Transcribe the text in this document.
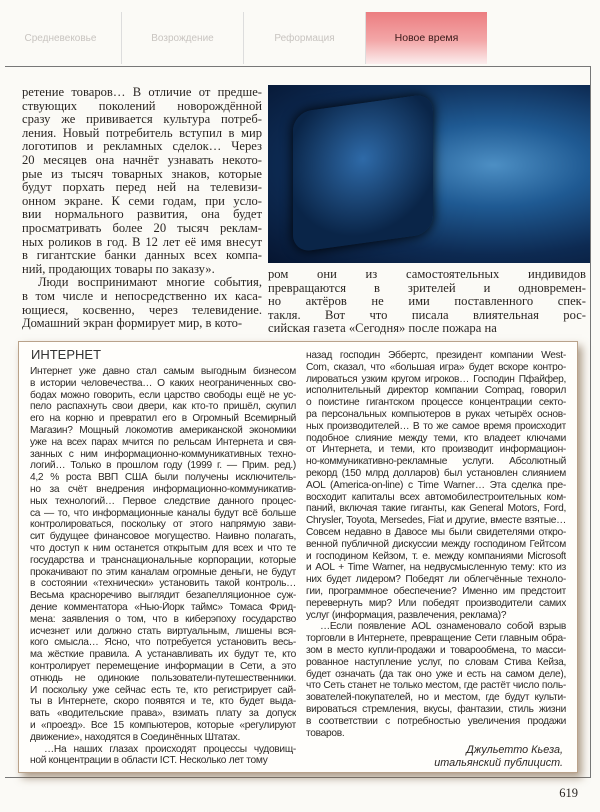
Средневековье	Возрождение	Реформация	Новое время
ретение товаров… В отличие от предше-
ствующих поколений новорождённой
сразу же прививается культура потреб-
ления. Новый потребитель вступил в мир
логотипов и рекламных сделок… Через
20 месяцев она начнёт узнавать некото-
рые из тысяч товарных знаков, которые
будут порхать перед ней на телевизи-
онном экране. К семи годам, при усло-
вии нормального развития, она будет
просматривать более 20 тысяч реклам-
ных роликов в год. В 12 лет её имя внесут
в гигантские банки данных всех компа-
ний, продающих товары по заказу».
Люди воспринимают многие события,
в том числе и непосредственно их каса-
ющиеся, косвенно, через телевидение.
Домашний экран формирует мир, в кото-
ром они из самостоятельных индивидов
превращаются в зрителей и одновремен-
но актёров не ими поставленного спек-
такля. Вот что писала влиятельная рос-
сийская газета «Сегодня» после пожара на
ИНТЕРНЕТ
Интернет уже давно стал самым выгодным бизнесом
в истории человечества… О каких неограниченных сво-
бодах можно говорить, если царство свободы ещё не ус-
пело распахнуть свои двери, как кто-то пришёл, скупил
его на корню и превратил его в Огромный Всемирный
Магазин? Мощный локомотив американской экономики
уже на всех парах мчится по рельсам Интернета и свя-
занных с ним информационно-коммуникативных техно-
логий… Только в прошлом году (1999 г. — Прим. ред.)
4,2 % роста ВВП США были получены исключитель-
но за счёт внедрения информационно-коммуникатив-
ных технологий… Первое следствие данного процес-
са — то, что информационные каналы будут всё больше
контролироваться, поскольку от этого напрямую зави-
сит будущее финансовое могущество. Наивно полагать,
что доступ к ним останется открытым для всех и что те
государства и транснациональные корпорации, которые
прокачивают по этим каналам огромные деньги, не будут
в состоянии «технически» установить такой контроль…
Весьма красноречиво выглядит безапелляционное суж-
дение комментатора «Нью-Йорк таймс» Томаса Фрид-
мена: заявления о том, что в киберэпоху государство
исчезнет или должно стать виртуальным, лишены вся-
кого смысла… Ясно, что потребуется установить весь-
ма жёсткие правила. А устанавливать их будут те, кто
контролирует перемещение информации в Сети, а это
отнюдь не одинокие пользователи-путешественники.
И поскольку уже сейчас есть те, кто регистрирует сай-
ты в Интернете, скоро появятся и те, кто будет выда-
вать «водительские права», взимать плату за допуск
и «проезд». Все 15 компьютеров, которые «регулируют
движение», находятся в Соединённых Штатах.
…На наших глазах происходят процессы чудовищ-
ной концентрации в области ICT. Несколько лет тому
назад господин Эббертс, президент компании West-
Com, сказал, что «большая игра» будет вскоре контро-
лироваться узким кругом игроков… Господин Пфайфер,
исполнительный директор компании Compaq, говорил
о поистине гигантском процессе концентрации секто-
ра персональных компьютеров в руках четырёх основ-
ных производителей… В то же самое время происходит
подобное слияние между теми, кто владеет ключами
от Интернета, и теми, кто производит информацион-
но-коммуникативно-рекламные услуги. Абсолютный
рекорд (150 млрд долларов) был установлен слиянием
AOL (America-on-line) с Time Warner… Эта сделка пре-
восходит капиталы всех автомобилестроительных ком-
паний, включая такие гиганты, как General Motors, Ford,
Chrysler, Toyota, Mersedes, Fiat и другие, вместе взятые…
Совсем недавно в Давосе мы были свидетелями откро-
венной публичной дискуссии между господином Гейтсом
и господином Кейзом, т. е. между компаниями Microsoft
и AOL + Time Warner, на недвусмысленную тему: кто из
них будет лидером? Победят ли облегчённые техноло-
гии, программное обеспечение? Именно им предстоит
перевернуть мир? Или победят производители самих
услуг (информация, развлечения, реклама)?
…Если появление AOL ознаменовало собой взрыв
торговли в Интернете, превращение Сети главным обра-
зом в место купли-продажи и товарообмена, то масси-
рованное наступление услуг, по словам Стива Кейза,
будет означать (да так оно уже и есть на самом деле),
что Сеть станет не только местом, где растёт число поль-
зователей-покупателей, но и местом, где будут культи-
вироваться стремления, вкусы, фантазии, стиль жизни
в соответствии с потребностью увеличения продажи
товаров.
Джульетто Кьеза,
итальянский публицист.
619
